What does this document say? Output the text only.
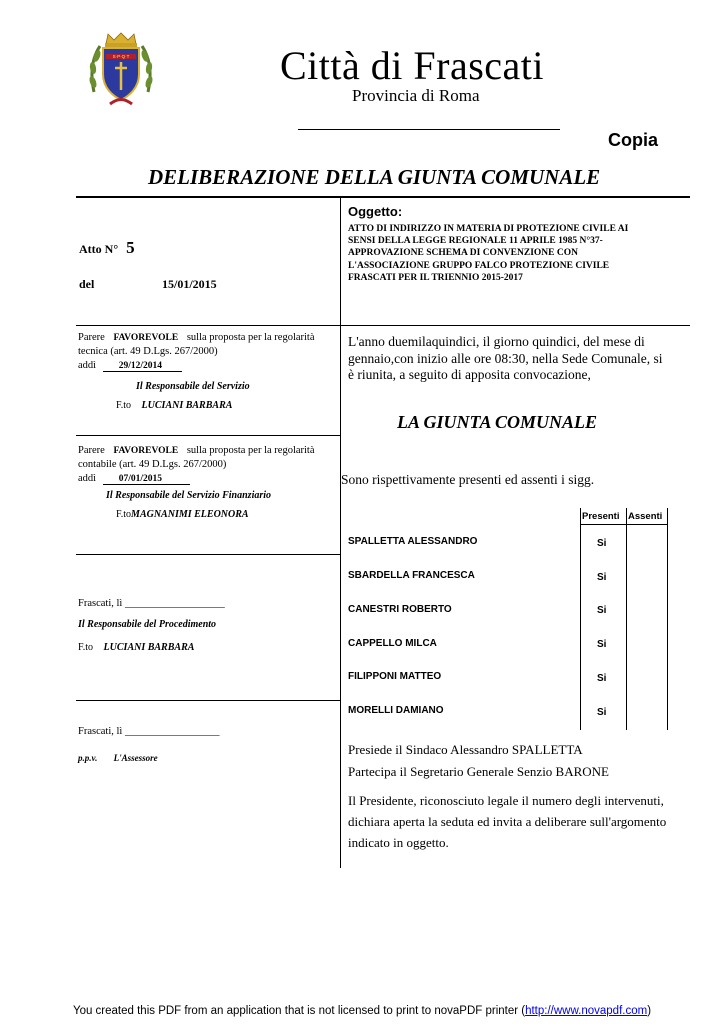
S·P·Q·T	Città di Frascati
Provincia di Roma
Copia
DELIBERAZIONE DELLA GIUNTA COMUNALE
Atto N° 5
del	15/01/2015
Oggetto:
ATTO DI INDIRIZZO IN MATERIA DI PROTEZIONE CIVILE AI
SENSI DELLA LEGGE REGIONALE 11 APRILE 1985 N°37-
APPROVAZIONE SCHEMA DI CONVENZIONE CON
L'ASSOCIAZIONE GRUPPO FALCO PROTEZIONE CIVILE
FRASCATI PER IL TRIENNIO 2015-2017
Parere FAVOREVOLE sulla proposta per la regolarità
tecnica (art. 49 D.Lgs. 267/2000)
addì 29/12/2014
Il Responsabile del Servizio
F.to LUCIANI BARBARA
Parere FAVOREVOLE sulla proposta per la regolarità
contabile (art. 49 D.Lgs. 267/2000)
addì 07/01/2015
Il Responsabile del Servizio Finanziario
F.toMAGNANIMI ELEONORA
Frascati, lì ___________________
Il Responsabile del Procedimento
F.to LUCIANI BARBARA
Frascati, lì __________________
p.p.v. L'Assessore
L'anno duemilaquindici, il giorno quindici, del mese di
gennaio,con inizio alle ore 08:30, nella Sede Comunale, si
è riunita, a seguito di apposita convocazione,
LA GIUNTA COMUNALE
Sono rispettivamente presenti ed assenti i sigg.
Presenti Assenti
SPALLETTA ALESSANDRO	Si
SBARDELLA FRANCESCA	Si
CANESTRI ROBERTO	Si
CAPPELLO MILCA	Si
FILIPPONI MATTEO	Si
MORELLI DAMIANO	Si
Presiede il Sindaco Alessandro SPALLETTA
Partecipa il Segretario Generale Senzio BARONE
Il Presidente, riconosciuto legale il numero degli intervenuti,
dichiara aperta la seduta ed invita a deliberare sull'argomento
indicato in oggetto.
You created this PDF from an application that is not licensed to print to novaPDF printer (http://www.novapdf.com)
